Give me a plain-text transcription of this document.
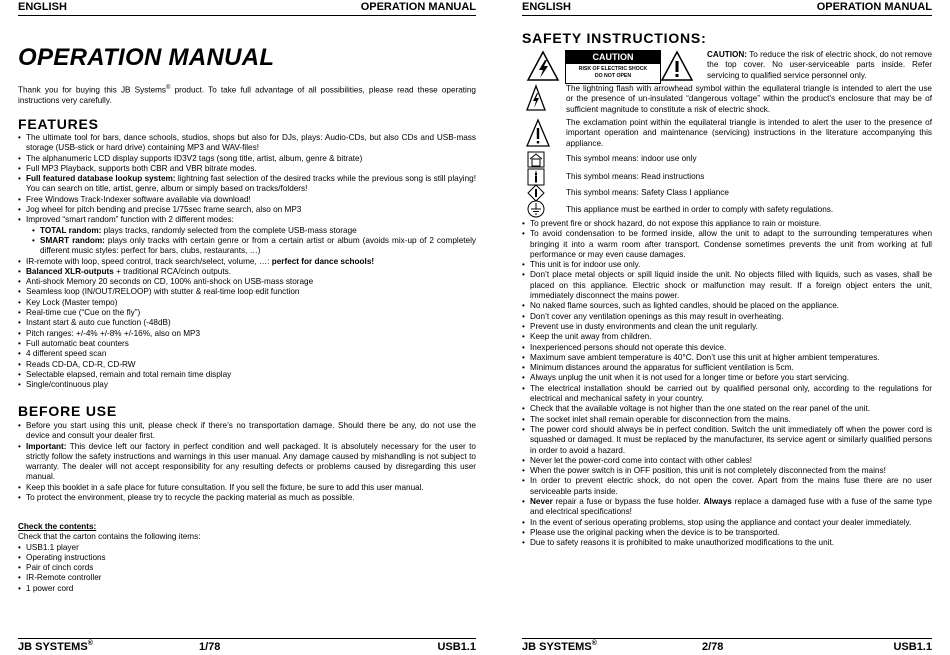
ENGLISH	OPERATION MANUAL
OPERATION MANUAL
Thank you for buying this JB Systems® product. To take full advantage of all possibilities, please read these operating instructions very carefully.
FEATURES
• The ultimate tool for bars, dance schools, studios, shops but also for DJs, plays: Audio-CDs, but also CDs and USB-mass storage (USB-stick or hard drive) containing MP3 and WAV-files!
• The alphanumeric LCD display supports ID3V2 tags (song title, artist, album, genre & bitrate)
• Full MP3 Playback, supports both CBR and VBR bitrate modes.
• Full featured database lookup system: lightning fast selection of the desired tracks while the previous song is still playing! You can search on title, artist, genre, album or simply based on tracks/folders!
• Free Windows Track-Indexer software available via download!
• Jog wheel for pitch bending and precise 1/75sec frame search, also on MP3
• Improved “smart random” function with 2 different modes:
• TOTAL random: plays tracks, randomly selected from the complete USB-mass storage
• SMART random: plays only tracks with certain genre or from a certain artist or album (avoids mix-up of 2 completely different music styles: perfect for bars, clubs, restaurants, …)
• IR-remote with loop, speed control, track search/select, volume, …: perfect for dance schools!
• Balanced XLR-outputs + traditional RCA/cinch outputs.
• Anti-shock Memory 20 seconds on CD, 100% anti-shock on USB-mass storage
• Seamless loop (IN/OUT/RELOOP) with stutter & real-time loop edit function
• Key Lock (Master tempo)
• Real-time cue (“Cue on the fly”)
• Instant start & auto cue function (-48dB)
• Pitch ranges: +/-4% +/-8% +/-16%, also on MP3
• Full automatic beat counters
• 4 different speed scan
• Reads CD-DA, CD-R, CD-RW
• Selectable elapsed, remain and total remain time display
• Single/continuous play
BEFORE USE
• Before you start using this unit, please check if there’s no transportation damage. Should there be any, do not use the device and consult your dealer first.
• Important: This device left our factory in perfect condition and well packaged. It is absolutely necessary for the user to strictly follow the safety instructions and warnings in this user manual. Any damage caused by mishandling is not subject to warranty. The dealer will not accept responsibility for any resulting defects or problems caused by disregarding this user manual.
• Keep this booklet in a safe place for future consultation. If you sell the fixture, be sure to add this user manual.
• To protect the environment, please try to recycle the packing material as much as possible.
Check the contents:
Check that the carton contains the following items:
• USB1.1 player
• Operating instructions
• Pair of cinch cords
• IR-Remote controller
• 1 power cord
JB SYSTEMS®	1/78	USB1.1
ENGLISH	OPERATION MANUAL
SAFETY INSTRUCTIONS:
CAUTION
RISK OF ELECTRIC SHOCK
DO NOT OPEN
CAUTION: To reduce the risk of electric shock, do not remove the top cover. No user-serviceable parts inside. Refer servicing to qualified service personnel only.
The lightning flash with arrowhead symbol within the equilateral triangle is intended to alert the use or the presence of un-insulated “dangerous voltage” within the product’s enclosure that may be of sufficient magnitude to constitute a risk of electric shock.
The exclamation point within the equilateral triangle is intended to alert the user to the presence of important operation and maintenance (servicing) instructions in the literature accompanying this appliance.
This symbol means: indoor use only
This symbol means: Read instructions
This symbol means: Safety Class I appliance
This appliance must be earthed in order to comply with safety regulations.
• To prevent fire or shock hazard, do not expose this appliance to rain or moisture.
• To avoid condensation to be formed inside, allow the unit to adapt to the surrounding temperatures when bringing it into a warm room after transport. Condense sometimes prevents the unit from working at full performance or may even cause damages.
• This unit is for indoor use only.
• Don’t place metal objects or spill liquid inside the unit. No objects filled with liquids, such as vases, shall be placed on this appliance. Electric shock or malfunction may result. If a foreign object enters the unit, immediately disconnect the mains power.
• No naked flame sources, such as lighted candles, should be placed on the appliance.
• Don’t cover any ventilation openings as this may result in overheating.
• Prevent use in dusty environments and clean the unit regularly.
• Keep the unit away from children.
• Inexperienced persons should not operate this device.
• Maximum save ambient temperature is 40°C. Don’t use this unit at higher ambient temperatures.
• Minimum distances around the apparatus for sufficient ventilation is 5cm.
• Always unplug the unit when it is not used for a longer time or before you start servicing.
• The electrical installation should be carried out by qualified personal only, according to the regulations for electrical and mechanical safety in your country.
• Check that the available voltage is not higher than the one stated on the rear panel of the unit.
• The socket inlet shall remain operable for disconnection from the mains.
• The power cord should always be in perfect condition. Switch the unit immediately off when the power cord is squashed or damaged. It must be replaced by the manufacturer, its service agent or similarly qualified persons in order to avoid a hazard.
• Never let the power-cord come into contact with other cables!
• When the power switch is in OFF position, this unit is not completely disconnected from the mains!
• In order to prevent electric shock, do not open the cover. Apart from the mains fuse there are no user serviceable parts inside.
• Never repair a fuse or bypass the fuse holder. Always replace a damaged fuse with a fuse of the same type and electrical specifications!
• In the event of serious operating problems, stop using the appliance and contact your dealer immediately.
• Please use the original packing when the device is to be transported.
• Due to safety reasons it is prohibited to make unauthorized modifications to the unit.
JB SYSTEMS®	2/78	USB1.1
